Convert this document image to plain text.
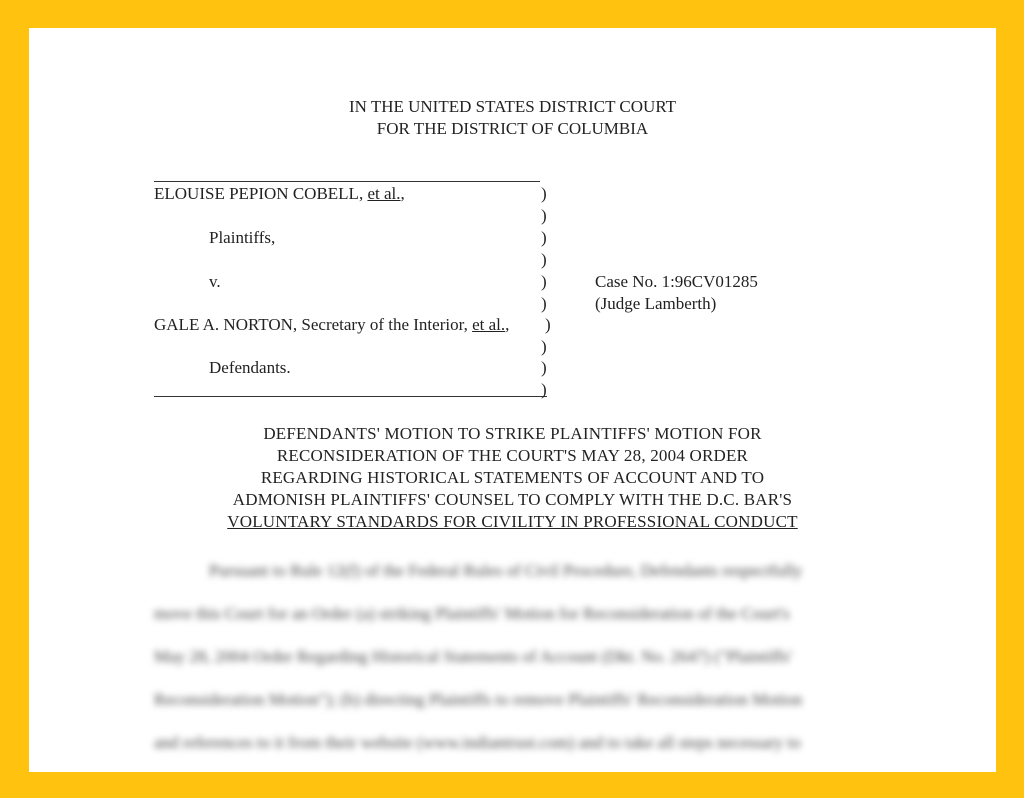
IN THE UNITED STATES DISTRICT COURT
FOR THE DISTRICT OF COLUMBIA
ELOUISE PEPION COBELL, et al.,
Plaintiffs,
v.
GALE A. NORTON, Secretary of the Interior, et al.,
Defendants.
)
)
)
)
)
)
)
)
)
)
Case No. 1:96CV01285
(Judge Lamberth)
DEFENDANTS' MOTION TO STRIKE PLAINTIFFS' MOTION FOR
RECONSIDERATION OF THE COURT'S MAY 28, 2004 ORDER
REGARDING HISTORICAL STATEMENTS OF ACCOUNT AND TO
ADMONISH PLAINTIFFS' COUNSEL TO COMPLY WITH THE D.C. BAR'S
VOLUNTARY STANDARDS FOR CIVILITY IN PROFESSIONAL CONDUCT
Pursuant to Rule 12(f) of the Federal Rules of Civil Procedure, Defendants respectfully
move this Court for an Order (a) striking Plaintiffs' Motion for Reconsideration of the Court's
May 28, 2004 Order Regarding Historical Statements of Account (Dkt. No. 2647) ("Plaintiffs'
Reconsideration Motion"); (b) directing Plaintiffs to remove Plaintiffs' Reconsideration Motion
and references to it from their website (www.indiantrust.com) and to take all steps necessary to
